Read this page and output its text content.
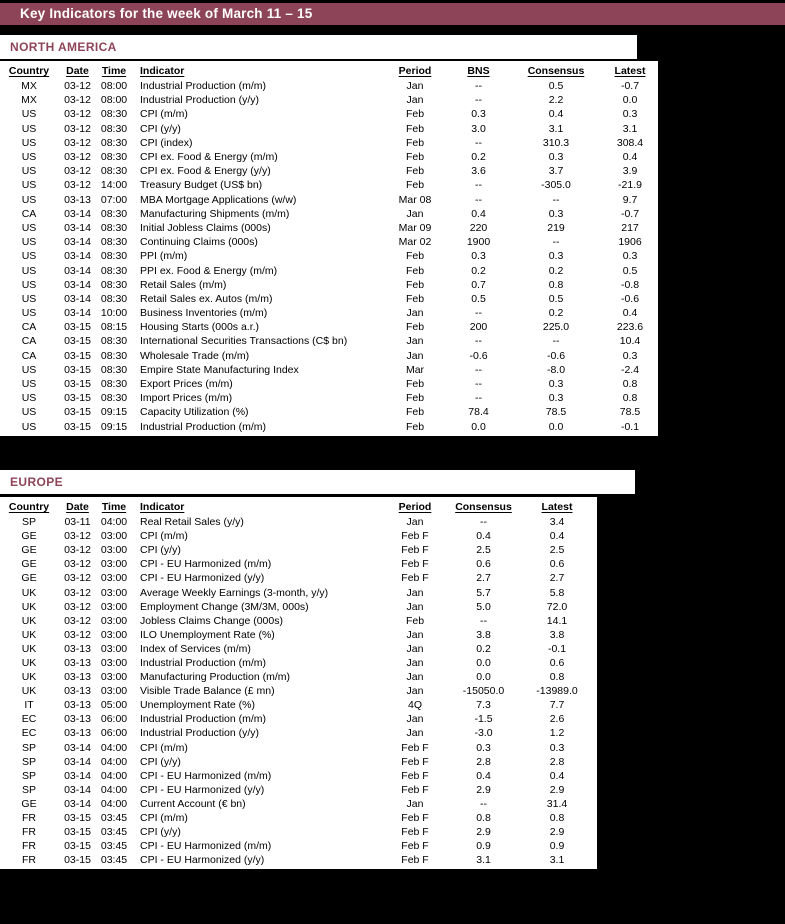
Key Indicators for the week of March 11 – 15
NORTH AMERICA
Country	Date	Time	Indicator	Period	BNS	Consensus	Latest
MX	03-12	08:00	Industrial Production (m/m)	Jan	--	0.5	-0.7
MX	03-12	08:00	Industrial Production (y/y)	Jan	--	2.2	0.0
US	03-12	08:30	CPI (m/m)	Feb	0.3	0.4	0.3
US	03-12	08:30	CPI (y/y)	Feb	3.0	3.1	3.1
US	03-12	08:30	CPI (index)	Feb	--	310.3	308.4
US	03-12	08:30	CPI ex. Food & Energy (m/m)	Feb	0.2	0.3	0.4
US	03-12	08:30	CPI ex. Food & Energy (y/y)	Feb	3.6	3.7	3.9
US	03-12	14:00	Treasury Budget (US$ bn)	Feb	--	-305.0	-21.9
US	03-13	07:00	MBA Mortgage Applications (w/w)	Mar 08	--	--	9.7
CA	03-14	08:30	Manufacturing Shipments (m/m)	Jan	0.4	0.3	-0.7
US	03-14	08:30	Initial Jobless Claims (000s)	Mar 09	220	219	217
US	03-14	08:30	Continuing Claims (000s)	Mar 02	1900	--	1906
US	03-14	08:30	PPI (m/m)	Feb	0.3	0.3	0.3
US	03-14	08:30	PPI ex. Food & Energy (m/m)	Feb	0.2	0.2	0.5
US	03-14	08:30	Retail Sales (m/m)	Feb	0.7	0.8	-0.8
US	03-14	08:30	Retail Sales ex. Autos (m/m)	Feb	0.5	0.5	-0.6
US	03-14	10:00	Business Inventories (m/m)	Jan	--	0.2	0.4
CA	03-15	08:15	Housing Starts (000s a.r.)	Feb	200	225.0	223.6
CA	03-15	08:30	International Securities Transactions (C$ bn)	Jan	--	--	10.4
CA	03-15	08:30	Wholesale Trade (m/m)	Jan	-0.6	-0.6	0.3
US	03-15	08:30	Empire State Manufacturing Index	Mar	--	-8.0	-2.4
US	03-15	08:30	Export Prices (m/m)	Feb	--	0.3	0.8
US	03-15	08:30	Import Prices (m/m)	Feb	--	0.3	0.8
US	03-15	09:15	Capacity Utilization (%)	Feb	78.4	78.5	78.5
US	03-15	09:15	Industrial Production (m/m)	Feb	0.0	0.0	-0.1
EUROPE
Country	Date	Time	Indicator	Period	Consensus	Latest
SP	03-11	04:00	Real Retail Sales (y/y)	Jan	--	3.4
GE	03-12	03:00	CPI (m/m)	Feb F	0.4	0.4
GE	03-12	03:00	CPI (y/y)	Feb F	2.5	2.5
GE	03-12	03:00	CPI - EU Harmonized (m/m)	Feb F	0.6	0.6
GE	03-12	03:00	CPI - EU Harmonized (y/y)	Feb F	2.7	2.7
UK	03-12	03:00	Average Weekly Earnings (3-month, y/y)	Jan	5.7	5.8
UK	03-12	03:00	Employment Change (3M/3M, 000s)	Jan	5.0	72.0
UK	03-12	03:00	Jobless Claims Change (000s)	Feb	--	14.1
UK	03-12	03:00	ILO Unemployment Rate (%)	Jan	3.8	3.8
UK	03-13	03:00	Index of Services (m/m)	Jan	0.2	-0.1
UK	03-13	03:00	Industrial Production (m/m)	Jan	0.0	0.6
UK	03-13	03:00	Manufacturing Production (m/m)	Jan	0.0	0.8
UK	03-13	03:00	Visible Trade Balance (£ mn)	Jan	-15050.0	-13989.0
IT	03-13	05:00	Unemployment Rate (%)	4Q	7.3	7.7
EC	03-13	06:00	Industrial Production (m/m)	Jan	-1.5	2.6
EC	03-13	06:00	Industrial Production (y/y)	Jan	-3.0	1.2
SP	03-14	04:00	CPI (m/m)	Feb F	0.3	0.3
SP	03-14	04:00	CPI (y/y)	Feb F	2.8	2.8
SP	03-14	04:00	CPI - EU Harmonized (m/m)	Feb F	0.4	0.4
SP	03-14	04:00	CPI - EU Harmonized (y/y)	Feb F	2.9	2.9
GE	03-14	04:00	Current Account (€ bn)	Jan	--	31.4
FR	03-15	03:45	CPI (m/m)	Feb F	0.8	0.8
FR	03-15	03:45	CPI (y/y)	Feb F	2.9	2.9
FR	03-15	03:45	CPI - EU Harmonized (m/m)	Feb F	0.9	0.9
FR	03-15	03:45	CPI - EU Harmonized (y/y)	Feb F	3.1	3.1
